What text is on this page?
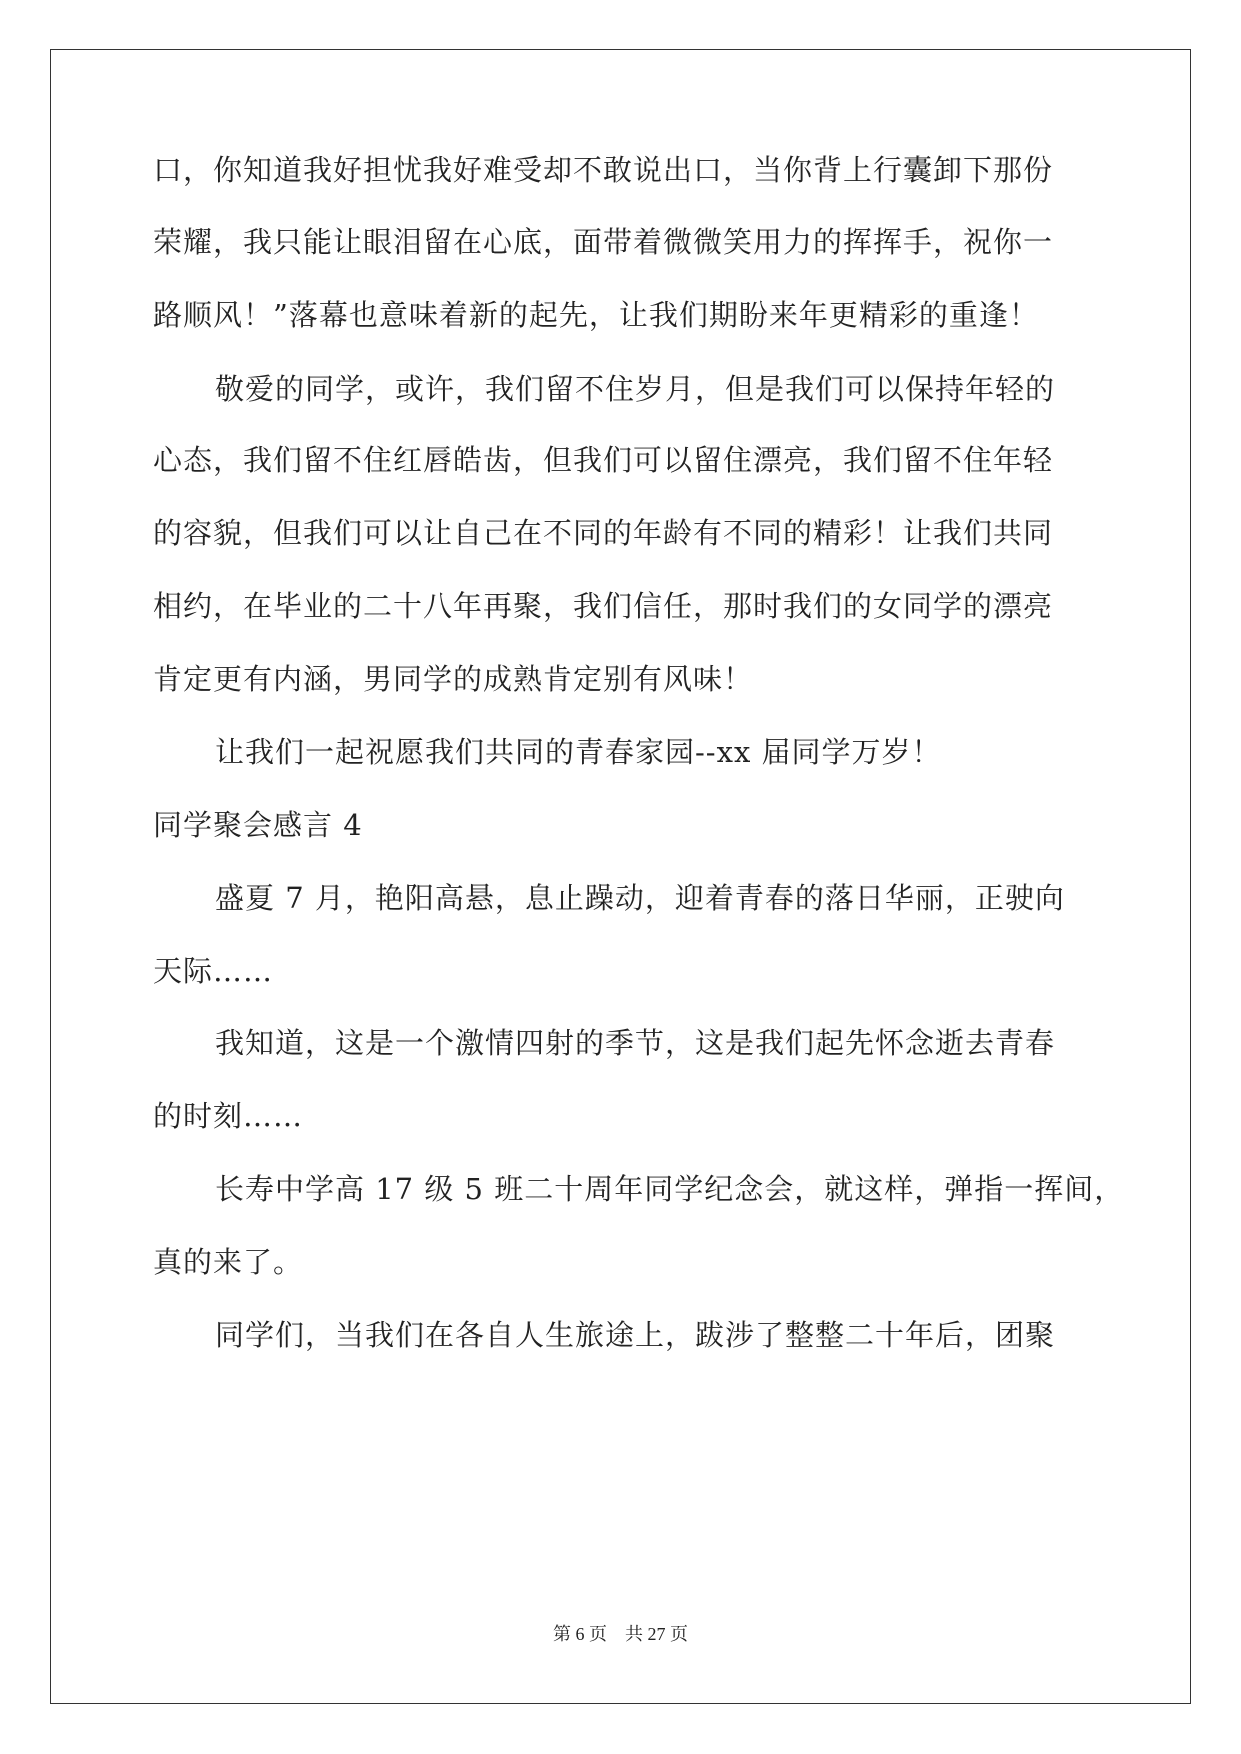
口，你知道我好担忧我好难受却不敢说出口，当你背上行囊卸下那份
荣耀，我只能让眼泪留在心底，面带着微微笑用力的挥挥手，祝你一
路顺风！”落幕也意味着新的起先，让我们期盼来年更精彩的重逢！
敬爱的同学，或许，我们留不住岁月，但是我们可以保持年轻的
心态，我们留不住红唇皓齿，但我们可以留住漂亮，我们留不住年轻
的容貌，但我们可以让自己在不同的年龄有不同的精彩！让我们共同
相约，在毕业的二十八年再聚，我们信任，那时我们的女同学的漂亮
肯定更有内涵，男同学的成熟肯定别有风味！
让我们一起祝愿我们共同的青春家园--xx 届同学万岁！
同学聚会感言 4
盛夏 7 月，艳阳高悬，息止躁动，迎着青春的落日华丽，正驶向
天际……
我知道，这是一个激情四射的季节，这是我们起先怀念逝去青春
的时刻……
长寿中学高 17 级 5 班二十周年同学纪念会，就这样，弹指一挥间，
真的来了。
同学们，当我们在各自人生旅途上，跋涉了整整二十年后，团聚
第 6 页　共 27 页
